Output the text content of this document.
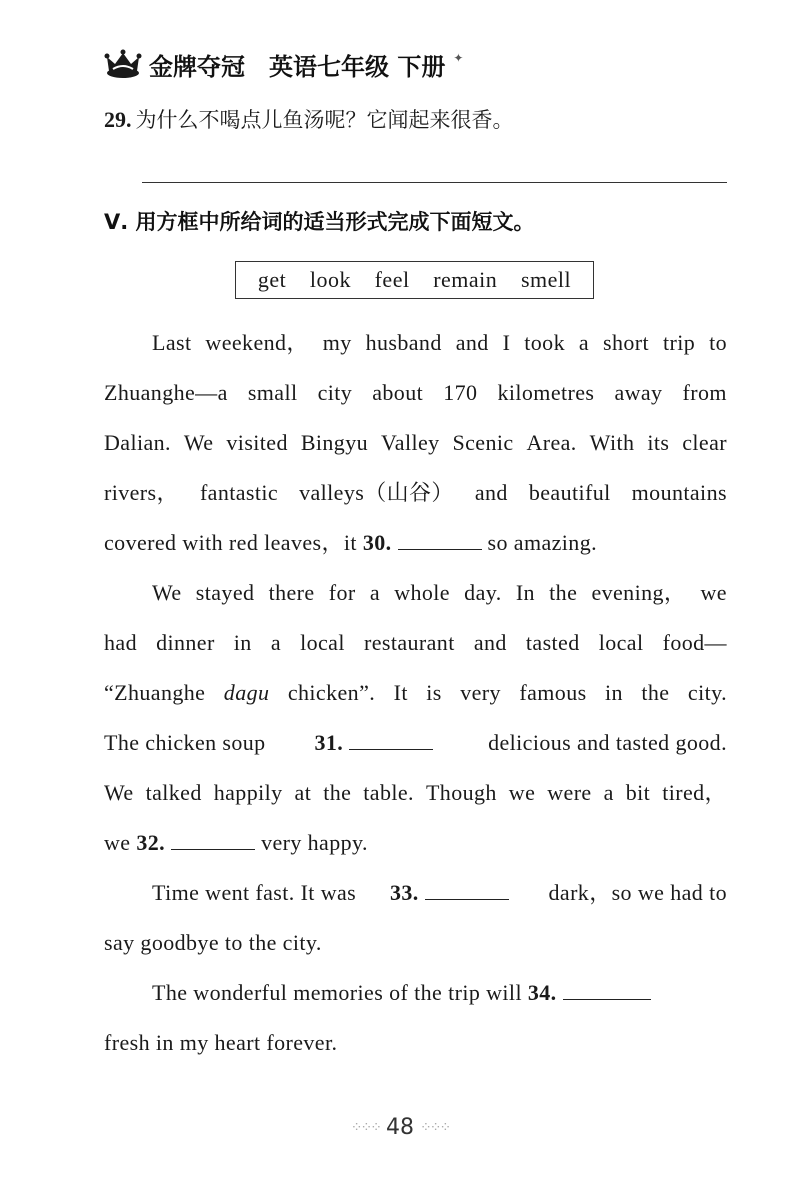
金牌夺冠 英语七年级 下册 ✦
29. 为什么不喝点儿鱼汤呢？它闻起来很香。
Ⅴ. 用方框中所给词的适当形式完成下面短文。
get look feel remain smell
Last weekend， my husband and I took a short trip to
Zhuanghe—a small city about 170 kilometres away from
Dalian. We visited Bingyu Valley Scenic Area. With its clear
rivers， fantastic valleys（山谷） and beautiful mountains
covered with red leaves，it 30.	so amazing.
We stayed there for a whole day. In the evening， we
had dinner in a local restaurant and tasted local food—
“Zhuanghe dagu chicken”. It is very famous in the city.
The chicken soup 31.	delicious and tasted good.
We talked happily at the table. Though we were a bit tired，
we 32.	very happy.
Time went fast. It was 33.	dark，so we had to
say goodbye to the city.
The wonderful memories of the trip will 34.
fresh in my heart forever.
⁘⁘⁘ 48 ⁘⁘⁘
